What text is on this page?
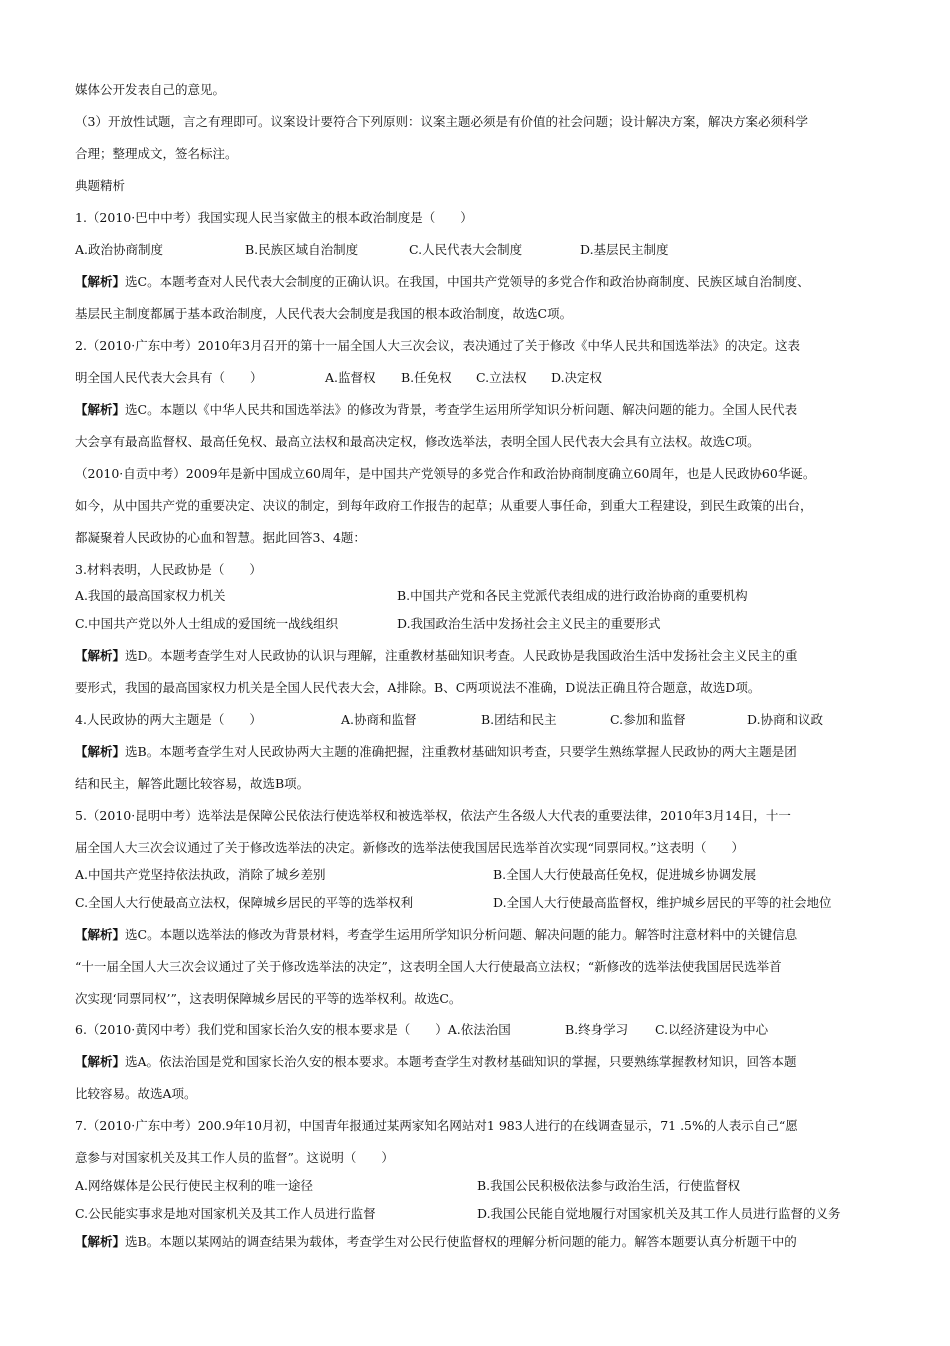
媒体公开发表自己的意见。
（3）开放性试题，言之有理即可。议案设计要符合下列原则：议案主题必须是有价值的社会问题；设计解决方案，解决方案必须科学
合理；整理成文，签名标注。
典题精析
1.（2010·巴中中考）我国实现人民当家做主的根本政治制度是（　　）
A.政治协商制度	B.民族区域自治制度	C.人民代表大会制度	D.基层民主制度
【解析】选C。本题考查对人民代表大会制度的正确认识。在我国，中国共产党领导的多党合作和政治协商制度、民族区域自治制度、
基层民主制度都属于基本政治制度，人民代表大会制度是我国的根本政治制度，故选C项。
2.（2010·广东中考）2010年3月召开的第十一届全国人大三次会议，表决通过了关于修改《中华人民共和国选举法》的决定。这表
明全国人民代表大会具有（　　）	A.监督权 B.任免权 C.立法权 D.决定权
【解析】选C。本题以《中华人民共和国选举法》的修改为背景，考查学生运用所学知识分析问题、解决问题的能力。全国人民代表
大会享有最高监督权、最高任免权、最高立法权和最高决定权，修改选举法，表明全国人民代表大会具有立法权。故选C项。
（2010·自贡中考）2009年是新中国成立60周年，是中国共产党领导的多党合作和政治协商制度确立60周年，也是人民政协60华诞。
如今，从中国共产党的重要决定、决议的制定，到每年政府工作报告的起草；从重要人事任命，到重大工程建设，到民生政策的出台，
都凝聚着人民政协的心血和智慧。据此回答3、4题：
3.材料表明，人民政协是（　　）
A.我国的最高国家权力机关	B.中国共产党和各民主党派代表组成的进行政治协商的重要机构
C.中国共产党以外人士组成的爱国统一战线组织	D.我国政治生活中发扬社会主义民主的重要形式
【解析】选D。本题考查学生对人民政协的认识与理解，注重教材基础知识考查。人民政协是我国政治生活中发扬社会主义民主的重
要形式，我国的最高国家权力机关是全国人民代表大会，A排除。B、C两项说法不准确，D说法正确且符合题意，故选D项。
4.人民政协的两大主题是（　　）	A.协商和监督	B.团结和民主	C.参加和监督	D.协商和议政
【解析】选B。本题考查学生对人民政协两大主题的准确把握，注重教材基础知识考查，只要学生熟练掌握人民政协的两大主题是团
结和民主，解答此题比较容易，故选B项。
5.（2010·昆明中考）选举法是保障公民依法行使选举权和被选举权，依法产生各级人大代表的重要法律，2010年3月14日，十一
届全国人大三次会议通过了关于修改选举法的决定。新修改的选举法使我国居民选举首次实现“同票同权。”这表明（　　）
A.中国共产党坚持依法执政，消除了城乡差别	B.全国人大行使最高任免权，促进城乡协调发展
C.全国人大行使最高立法权，保障城乡居民的平等的选举权利	D.全国人大行使最高监督权，维护城乡居民的平等的社会地位
【解析】选C。本题以选举法的修改为背景材料，考查学生运用所学知识分析问题、解决问题的能力。解答时注意材料中的关键信息
“十一届全国人大三次会议通过了关于修改选举法的决定”，这表明全国人大行使最高立法权；“新修改的选举法使我国居民选举首
次实现‘同票同权’”，这表明保障城乡居民的平等的选举权利。故选C。
6.（2010·黄冈中考）我们党和国家长治久安的根本要求是（　　）A.依法治国	B.终身学习 C.以经济建设为中心
【解析】选A。依法治国是党和国家长治久安的根本要求。本题考查学生对教材基础知识的掌握，只要熟练掌握教材知识，回答本题
比较容易。故选A项。
7.（2010·广东中考）200.9年10月初，中国青年报通过某两家知名网站对1 983人进行的在线调查显示，71 .5%的人表示自己“愿
意参与对国家机关及其工作人员的监督”。这说明（　　）
A.网络媒体是公民行使民主权利的唯一途径	B.我国公民积极依法参与政治生活，行使监督权
C.公民能实事求是地对国家机关及其工作人员进行监督	D.我国公民能自觉地履行对国家机关及其工作人员进行监督的义务
【解析】选B。本题以某网站的调查结果为载体，考查学生对公民行使监督权的理解分析问题的能力。解答本题要认真分析题干中的
